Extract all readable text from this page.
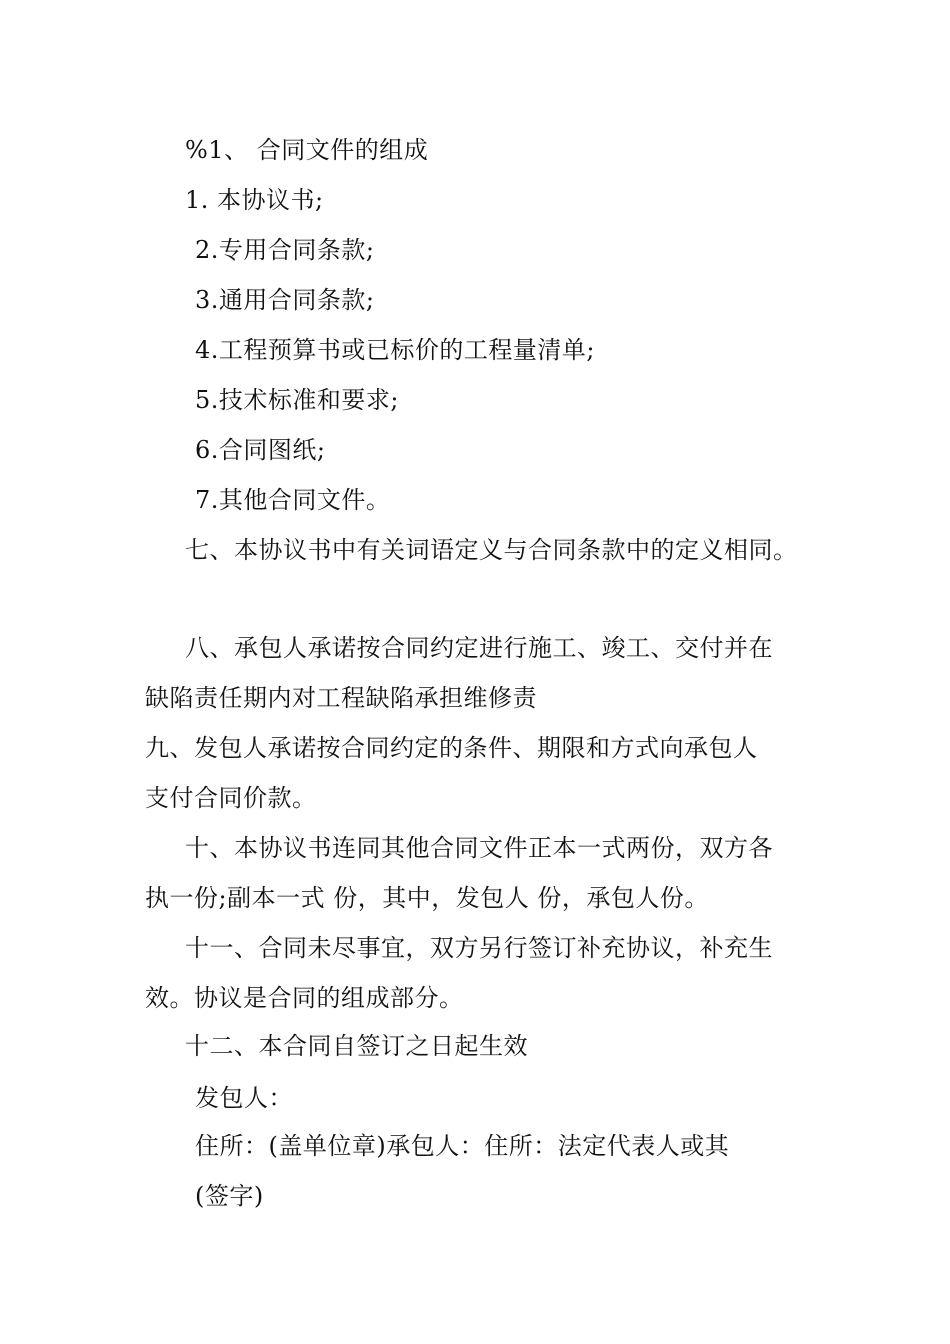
%1、 合同文件的组成
1. 本协议书;
2.专用合同条款;
3.通用合同条款;
4.工程预算书或已标价的工程量清单;
5.技术标准和要求;
6.合同图纸;
7.其他合同文件。
七、本协议书中有关词语定义与合同条款中的定义相同。
八、承包人承诺按合同约定进行施工、竣工、交付并在
缺陷责任期内对工程缺陷承担维修责
九、发包人承诺按合同约定的条件、期限和方式向承包人
支付合同价款。
十、本协议书连同其他合同文件正本一式两份，双方各
执一份;副本一式 份，其中，发包人 份，承包人份。
十一、合同未尽事宜，双方另行签订补充协议，补充生
效。协议是合同的组成部分。
十二、本合同自签订之日起生效
发包人：
住所：(盖单位章)承包人：住所：法定代表人或其
(签字)
